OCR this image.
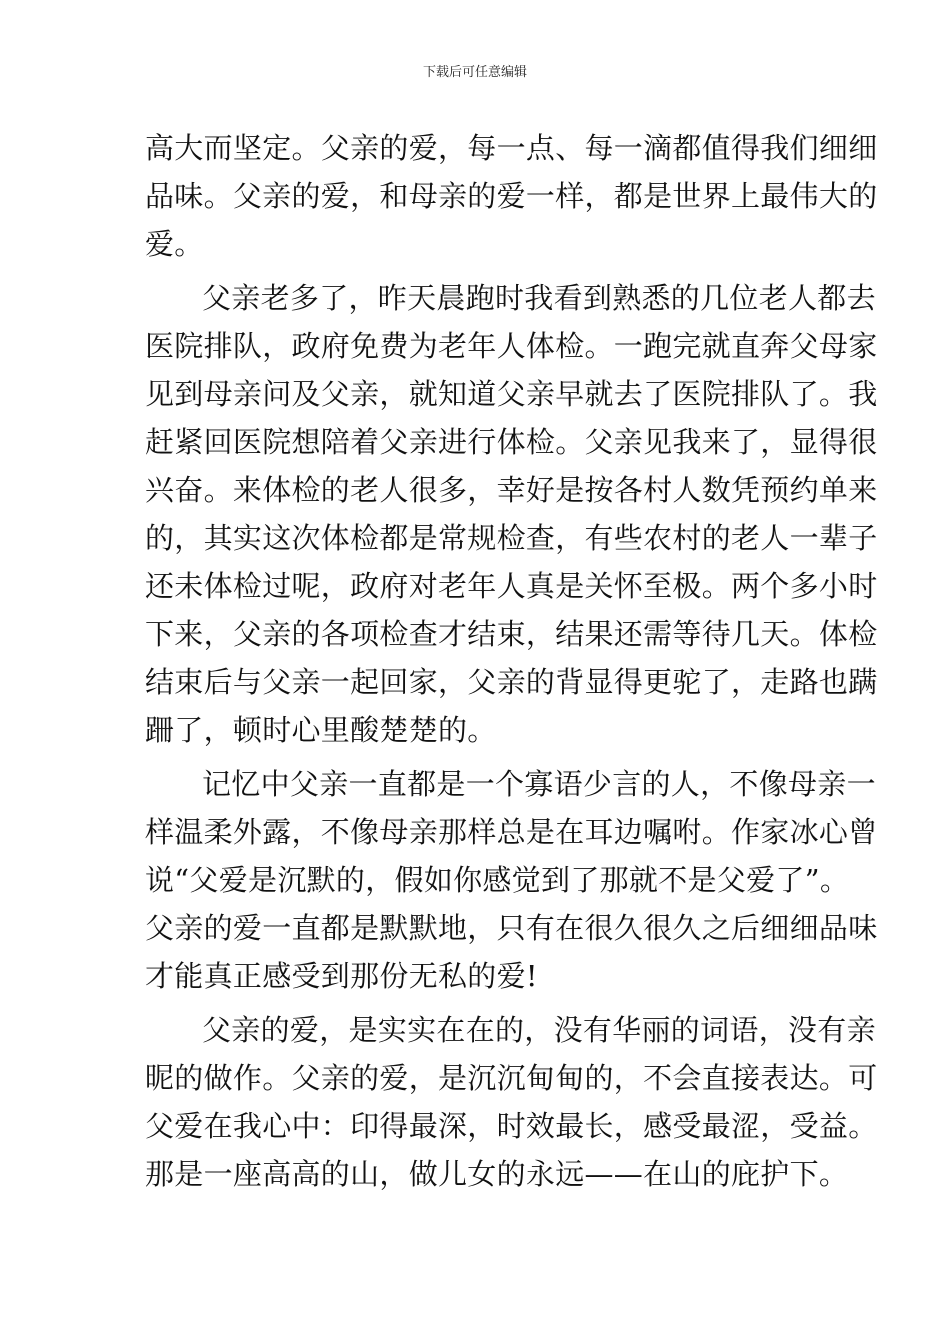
下载后可任意编辑
高大而坚定。父亲的爱，每一点、每一滴都值得我们细细
品味。父亲的爱，和母亲的爱一样，都是世界上最伟大的
爱。
父亲老多了，昨天晨跑时我看到熟悉的几位老人都去
医院排队，政府免费为老年人体检。一跑完就直奔父母家
见到母亲问及父亲，就知道父亲早就去了医院排队了。我
赶紧回医院想陪着父亲进行体检。父亲见我来了，显得很
兴奋。来体检的老人很多，幸好是按各村人数凭预约单来
的，其实这次体检都是常规检查，有些农村的老人一辈子
还未体检过呢，政府对老年人真是关怀至极。两个多小时
下来，父亲的各项检查才结束，结果还需等待几天。体检
结束后与父亲一起回家，父亲的背显得更驼了，走路也蹒
跚了，顿时心里酸楚楚的。
记忆中父亲一直都是一个寡语少言的人，不像母亲一
样温柔外露，不像母亲那样总是在耳边嘱咐。作家冰心曾
说“父爱是沉默的，假如你感觉到了那就不是父爱了”。
父亲的爱一直都是默默地，只有在很久很久之后细细品味
才能真正感受到那份无私的爱!
父亲的爱，是实实在在的，没有华丽的词语，没有亲
昵的做作。父亲的爱，是沉沉甸甸的，不会直接表达。可
父爱在我心中：印得最深，时效最长，感受最涩，受益。
那是一座高高的山，做儿女的永远——在山的庇护下。
